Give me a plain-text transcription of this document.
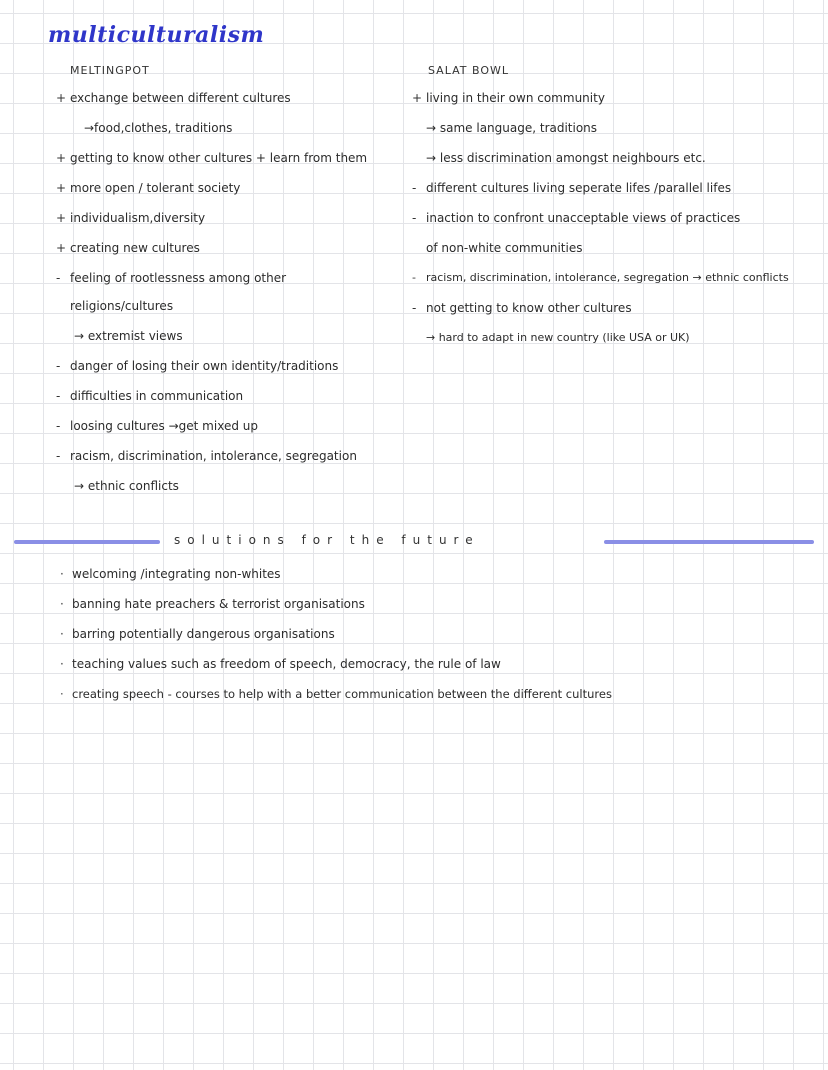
multiculturalism
MELTINGPOT	SALAT BOWL
+ exchange between different cultures
→food,clothes, traditions
+ getting to know other cultures + learn from them
+ more open / tolerant society
+ individualism,diversity
+ creating new cultures
- feeling of rootlessness among other
religions/cultures
→ extremist views
- danger of losing their own identity/traditions
- difficulties in communication
- loosing cultures →get mixed up
- racism, discrimination, intolerance, segregation
→ ethnic conflicts
+ living in their own community
→ same language, traditions
→ less discrimination amongst neighbours etc.
- different cultures living seperate lifes /parallel lifes
- inaction to confront unacceptable views of practices
of non-white communities
- racism, discrimination, intolerance, segregation → ethnic conflicts
- not getting to know other cultures
→ hard to adapt in new country (like USA or UK)
solutions for the future
· welcoming /integrating non-whites
· banning hate preachers & terrorist organisations
· barring potentially dangerous organisations
· teaching values such as freedom of speech, democracy, the rule of law
· creating speech - courses to help with a better communication between the different cultures
